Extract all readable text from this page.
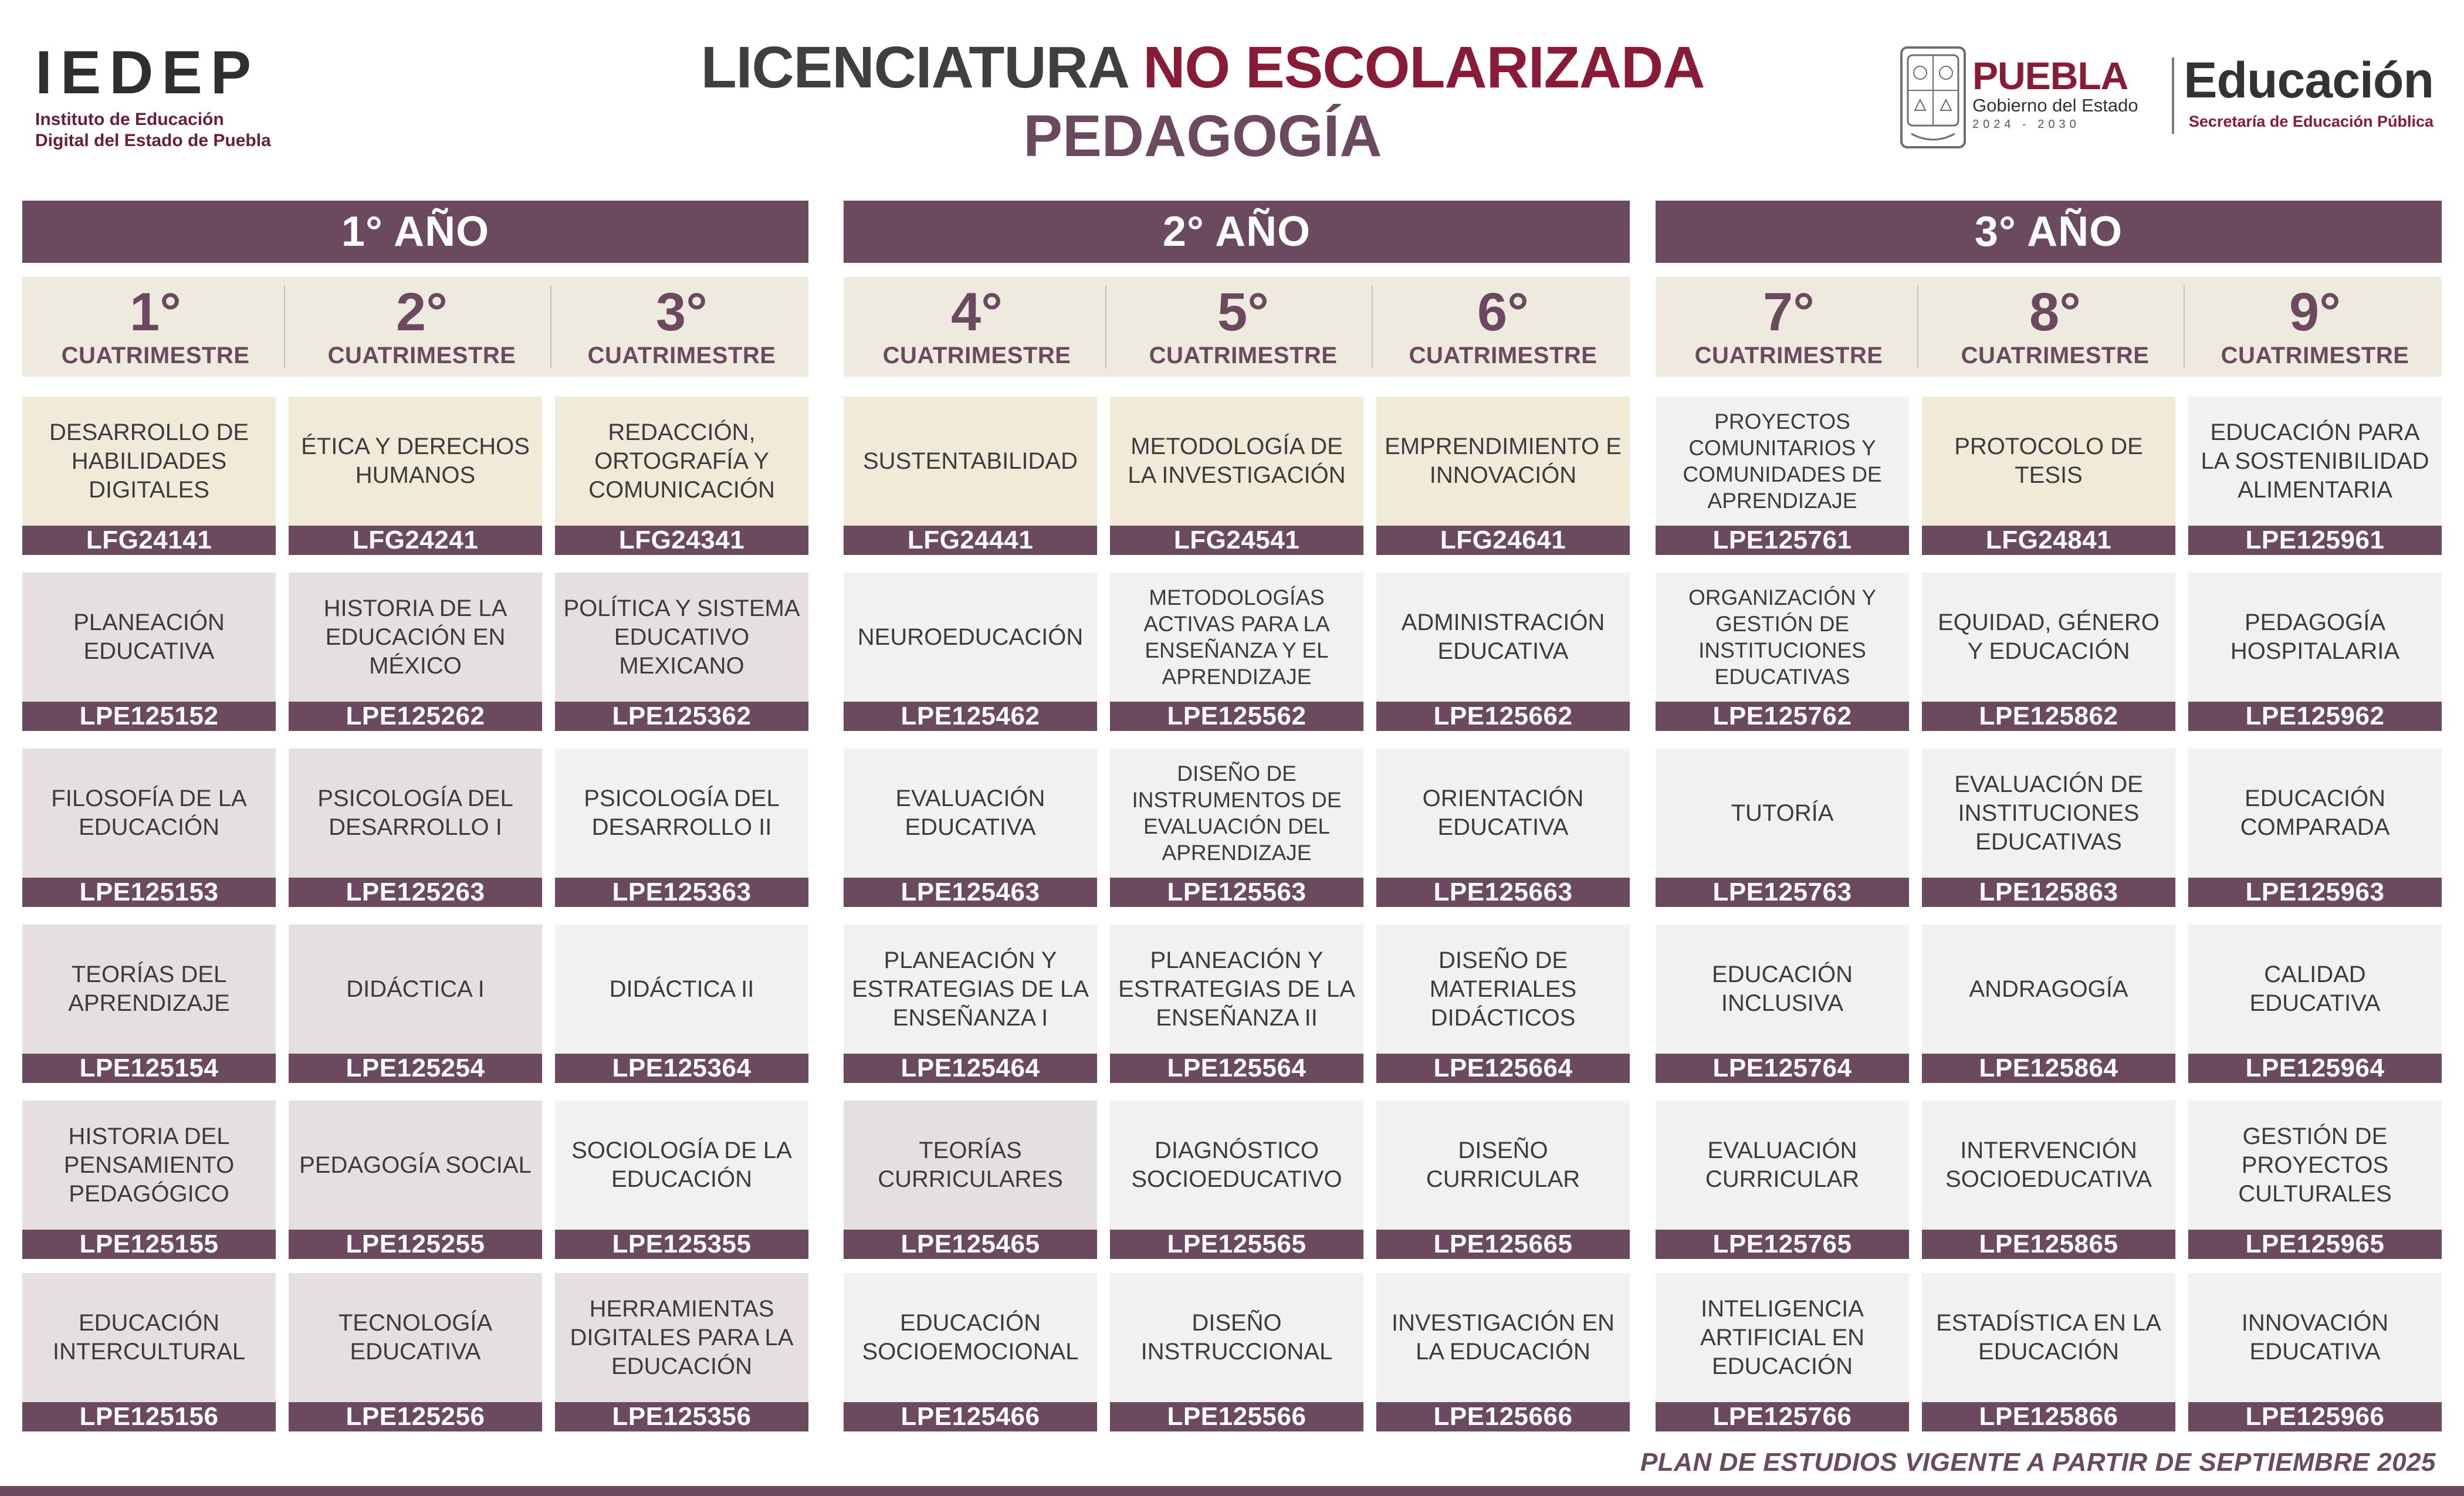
IEDEP
Instituto de Educación
Digital del Estado de Puebla
LICENCIATURA NO ESCOLARIZADA
PEDAGOGÍA
PUEBLA
Gobierno del Estado
2024 - 2030
Educación
Secretaría de Educación Pública
1° AÑO
1°
CUATRIMESTRE
2°
CUATRIMESTRE
3°
CUATRIMESTRE
DESARROLLO DE HABILIDADES DIGITALES
LFG24141
PLANEACIÓN EDUCATIVA
LPE125152
FILOSOFÍA DE LA EDUCACIÓN
LPE125153
TEORÍAS DEL APRENDIZAJE
LPE125154
HISTORIA DEL PENSAMIENTO PEDAGÓGICO
LPE125155
EDUCACIÓN INTERCULTURAL
LPE125156
ÉTICA Y DERECHOS HUMANOS
LFG24241
HISTORIA DE LA EDUCACIÓN EN MÉXICO
LPE125262
PSICOLOGÍA DEL DESARROLLO I
LPE125263
DIDÁCTICA I
LPE125254
PEDAGOGÍA SOCIAL
LPE125255
TECNOLOGÍA EDUCATIVA
LPE125256
REDACCIÓN, ORTOGRAFÍA Y COMUNICACIÓN
LFG24341
POLÍTICA Y SISTEMA EDUCATIVO MEXICANO
LPE125362
PSICOLOGÍA DEL DESARROLLO II
LPE125363
DIDÁCTICA II
LPE125364
SOCIOLOGÍA DE LA EDUCACIÓN
LPE125355
HERRAMIENTAS DIGITALES PARA LA EDUCACIÓN
LPE125356
2° AÑO
4°
CUATRIMESTRE
5°
CUATRIMESTRE
6°
CUATRIMESTRE
SUSTENTABILIDAD
LFG24441
NEUROEDUCACIÓN
LPE125462
EVALUACIÓN EDUCATIVA
LPE125463
PLANEACIÓN Y ESTRATEGIAS DE LA ENSEÑANZA I
LPE125464
TEORÍAS CURRICULARES
LPE125465
EDUCACIÓN SOCIOEMOCIONAL
LPE125466
METODOLOGÍA DE LA INVESTIGACIÓN
LFG24541
METODOLOGÍAS ACTIVAS PARA LA ENSEÑANZA Y EL APRENDIZAJE
LPE125562
DISEÑO DE INSTRUMENTOS DE EVALUACIÓN DEL APRENDIZAJE
LPE125563
PLANEACIÓN Y ESTRATEGIAS DE LA ENSEÑANZA II
LPE125564
DIAGNÓSTICO SOCIOEDUCATIVO
LPE125565
DISEÑO INSTRUCCIONAL
LPE125566
EMPRENDIMIENTO E INNOVACIÓN
LFG24641
ADMINISTRACIÓN EDUCATIVA
LPE125662
ORIENTACIÓN EDUCATIVA
LPE125663
DISEÑO DE MATERIALES DIDÁCTICOS
LPE125664
DISEÑO CURRICULAR
LPE125665
INVESTIGACIÓN EN LA EDUCACIÓN
LPE125666
3° AÑO
7°
CUATRIMESTRE
8°
CUATRIMESTRE
9°
CUATRIMESTRE
PROYECTOS COMUNITARIOS Y COMUNIDADES DE APRENDIZAJE
LPE125761
ORGANIZACIÓN Y GESTIÓN DE INSTITUCIONES EDUCATIVAS
LPE125762
TUTORÍA
LPE125763
EDUCACIÓN INCLUSIVA
LPE125764
EVALUACIÓN CURRICULAR
LPE125765
INTELIGENCIA ARTIFICIAL EN EDUCACIÓN
LPE125766
PROTOCOLO DE TESIS
LFG24841
EQUIDAD, GÉNERO Y EDUCACIÓN
LPE125862
EVALUACIÓN DE INSTITUCIONES EDUCATIVAS
LPE125863
ANDRAGOGÍA
LPE125864
INTERVENCIÓN SOCIOEDUCATIVA
LPE125865
ESTADÍSTICA EN LA EDUCACIÓN
LPE125866
EDUCACIÓN PARA LA SOSTENIBILIDAD ALIMENTARIA
LPE125961
PEDAGOGÍA HOSPITALARIA
LPE125962
EDUCACIÓN COMPARADA
LPE125963
CALIDAD EDUCATIVA
LPE125964
GESTIÓN DE PROYECTOS CULTURALES
LPE125965
INNOVACIÓN EDUCATIVA
LPE125966
PLAN DE ESTUDIOS VIGENTE A PARTIR DE SEPTIEMBRE 2025
